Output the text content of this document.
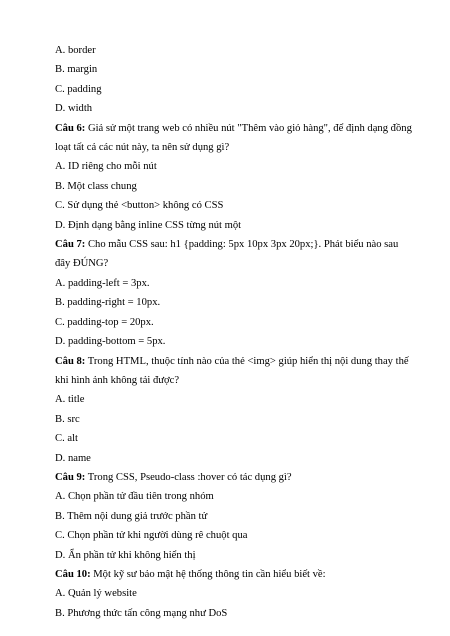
A. border
B. margin
C. padding
D. width
Câu 6: Giả sử một trang web có nhiều nút "Thêm vào giỏ hàng", để định dạng đồng loạt tất cả các nút này, ta nên sử dụng gì?
A. ID riêng cho mỗi nút
B. Một class chung
C. Sử dụng thẻ <button> không có CSS
D. Định dạng bằng inline CSS từng nút một
Câu 7: Cho mẫu CSS sau: h1 {padding: 5px 10px 3px 20px;}. Phát biểu nào sau đây ĐÚNG?
A. padding-left = 3px.
B. padding-right = 10px.
C. padding-top = 20px.
D. padding-bottom = 5px.
Câu 8: Trong HTML, thuộc tính nào của thẻ <img> giúp hiển thị nội dung thay thế khi hình ảnh không tải được?
A. title
B. src
C. alt
D. name
Câu 9: Trong CSS, Pseudo-class :hover có tác dụng gì?
A. Chọn phần tử đầu tiên trong nhóm
B. Thêm nội dung giả trước phần tử
C. Chọn phần tử khi người dùng rê chuột qua
D. Ẩn phần tử khi không hiển thị
Câu 10: Một kỹ sư bảo mật hệ thống thông tin cần hiểu biết về:
A. Quản lý website
B. Phương thức tấn công mạng như DoS
